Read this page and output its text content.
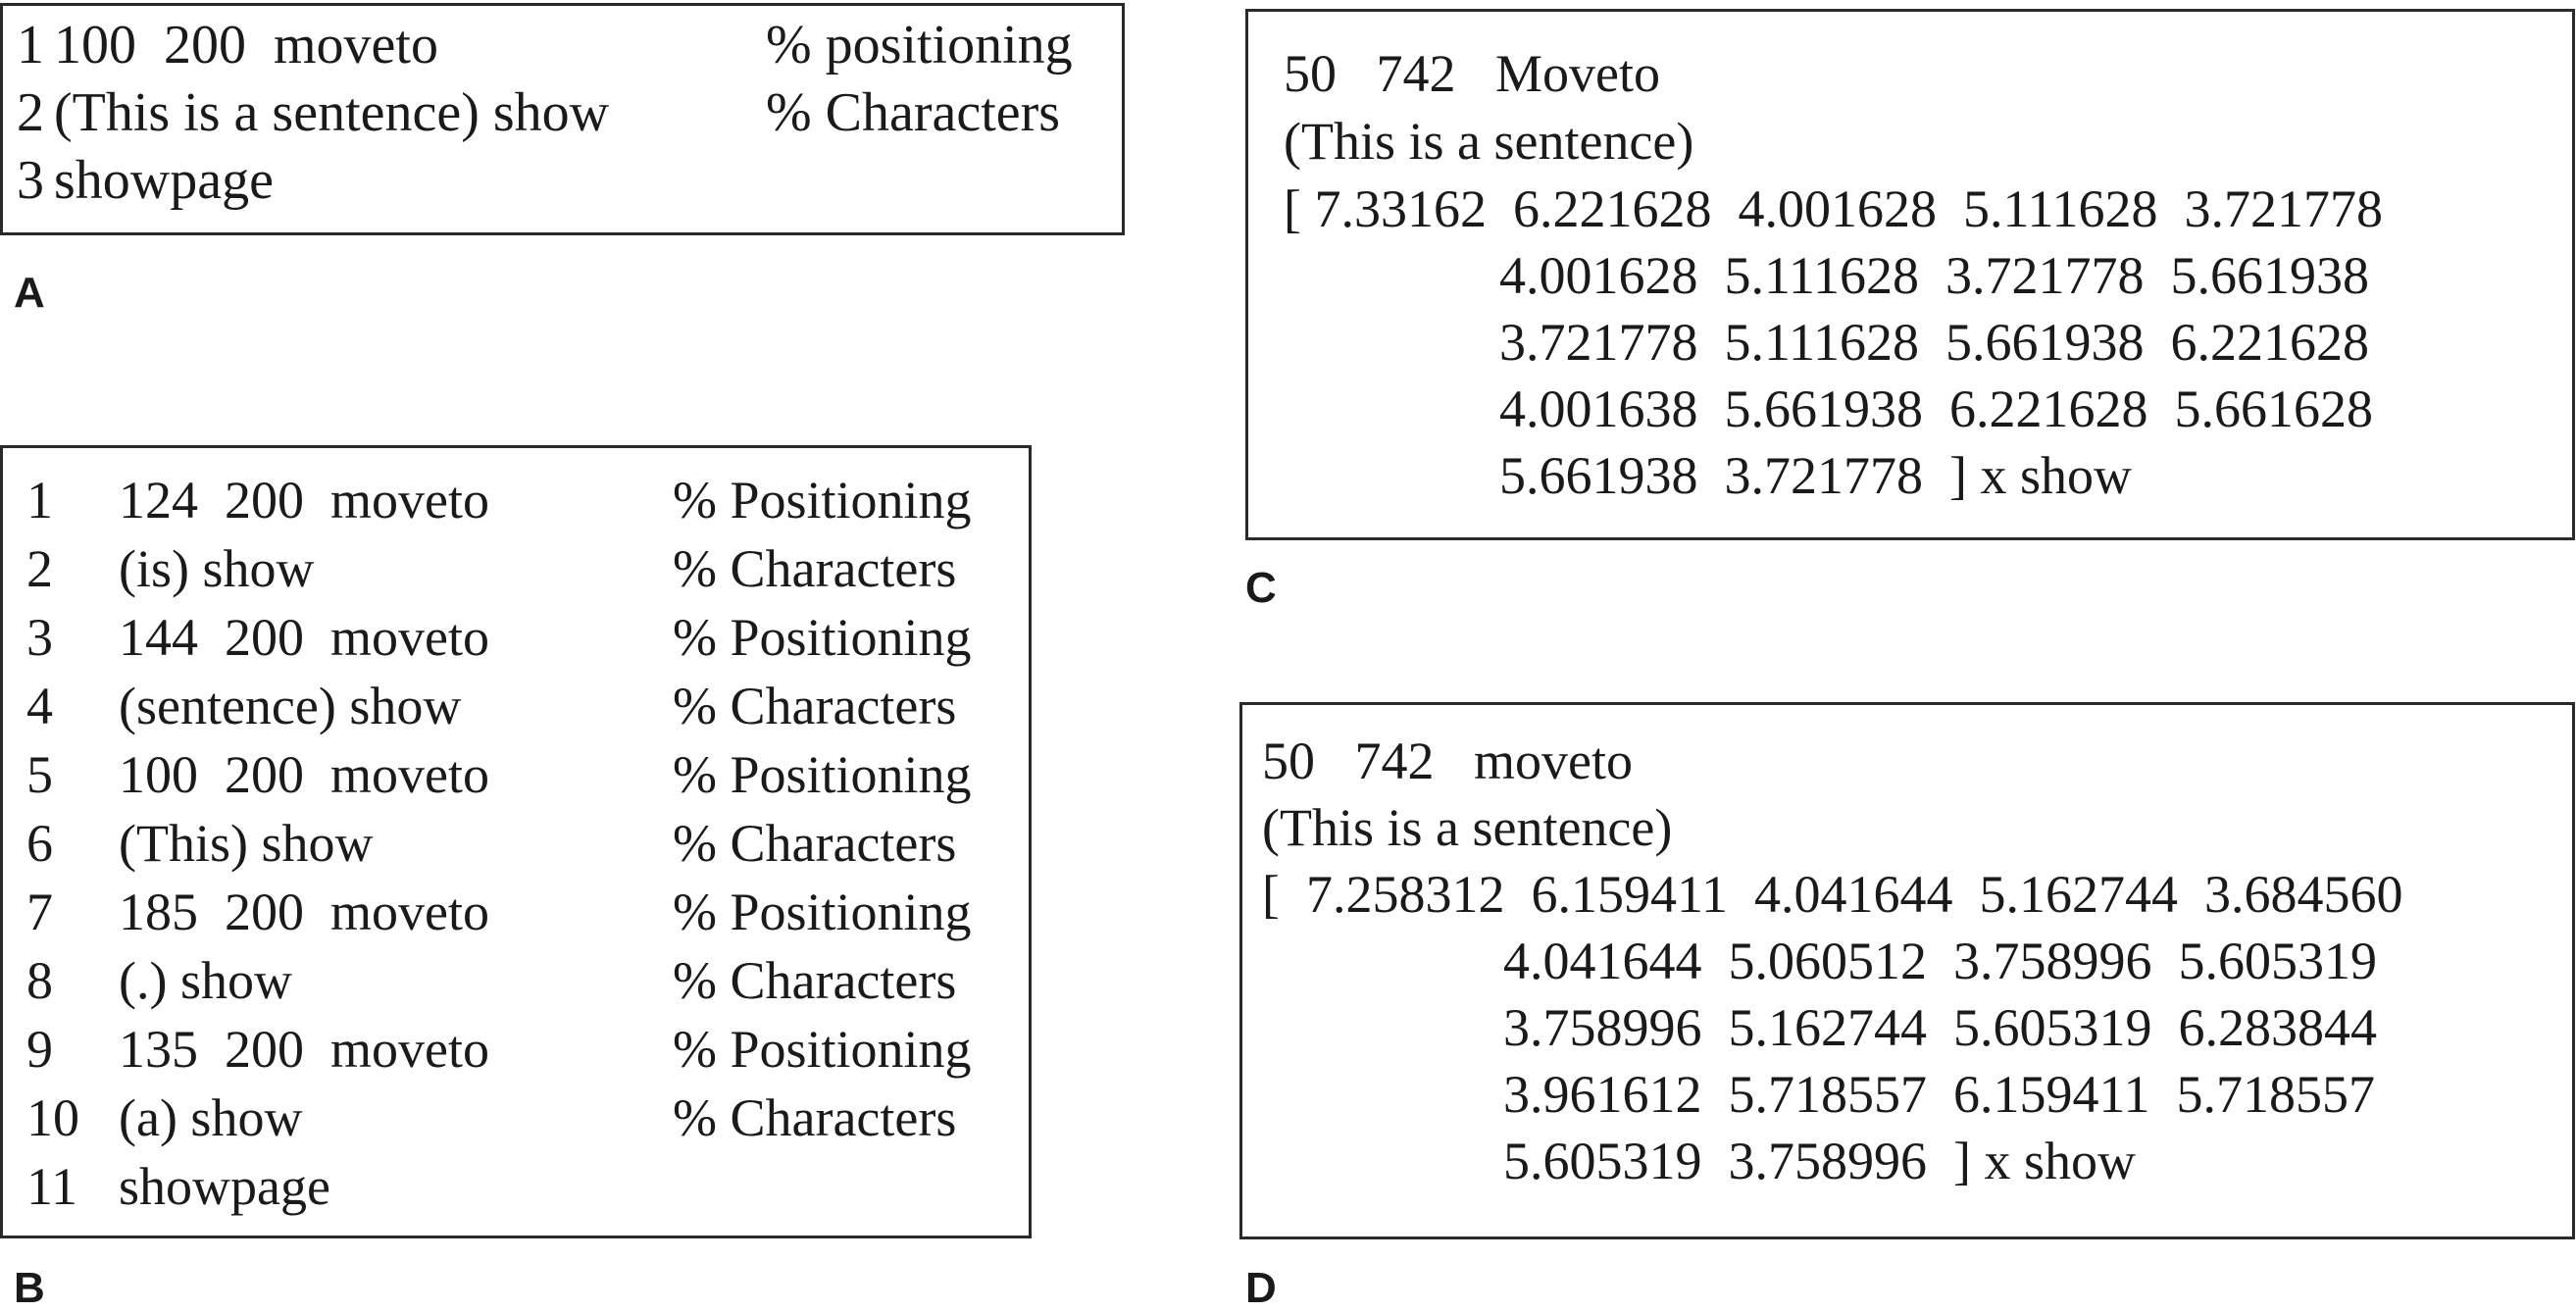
1 100  200  moveto	% positioning
2 (This is a sentence) show	% Characters
3 showpage
A
1 124  200  moveto	% Positioning
2 (is) show	% Characters
3 144  200  moveto	% Positioning
4 (sentence) show	% Characters
5 100  200  moveto	% Positioning
6 (This) show	% Characters
7 185  200  moveto	% Positioning
8 (.) show	% Characters
9 135  200  moveto	% Positioning
10 (a) show	% Characters
11 showpage
B
50   742   Moveto
(This is a sentence)
[ 7.33162  6.221628  4.001628  5.111628  3.721778
4.001628  5.111628  3.721778  5.661938
3.721778  5.111628  5.661938  6.221628
4.001638  5.661938  6.221628  5.661628
5.661938  3.721778  ] x show
C
50   742   moveto
(This is a sentence)
[  7.258312  6.159411  4.041644  5.162744  3.684560
4.041644  5.060512  3.758996  5.605319
3.758996  5.162744  5.605319  6.283844
3.961612  5.718557  6.159411  5.718557
5.605319  3.758996  ] x show
D
